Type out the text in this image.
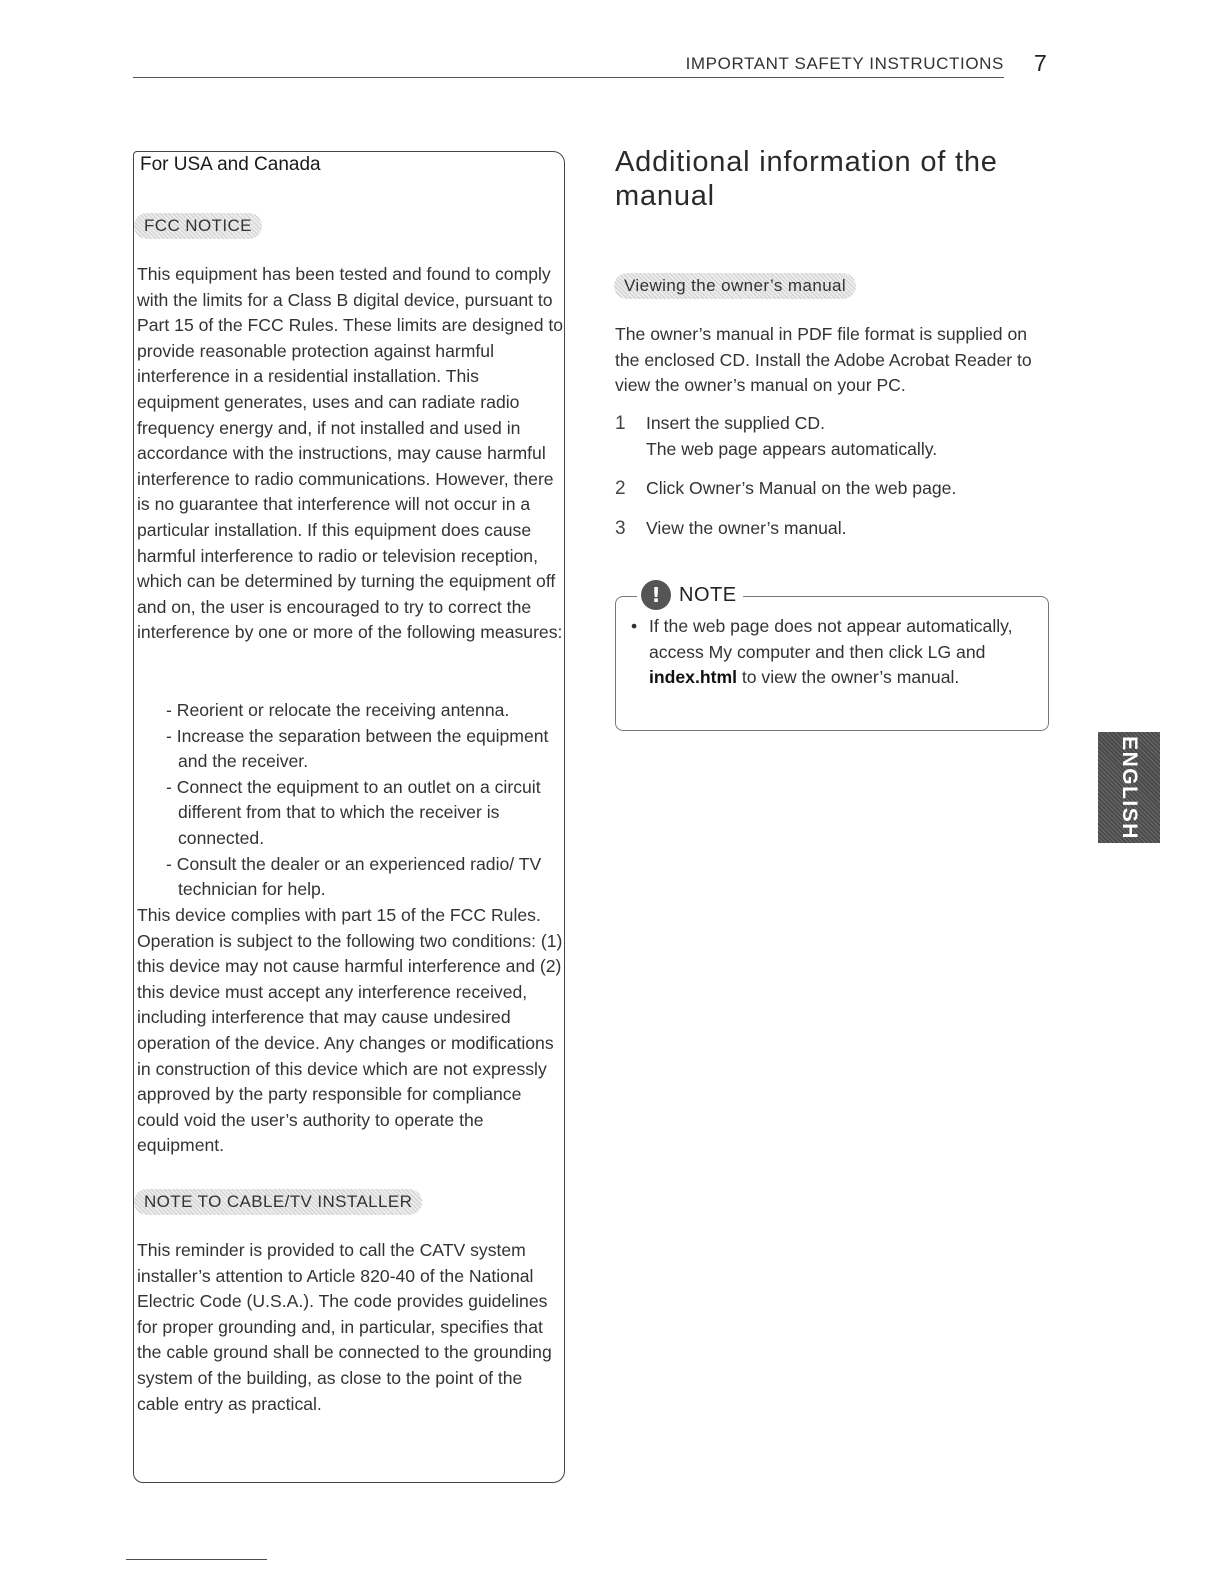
IMPORTANT SAFETY INSTRUCTIONS 7
For USA and Canada
FCC NOTICE

This equipment has been tested and found to comply with the limits for a Class B digital device, pursuant to Part 15 of the FCC Rules. These limits are designed to provide reasonable protection against harmful interference in a residential installation. This equipment generates, uses and can radiate radio frequency energy and, if not installed and used in accordance with the instructions, may cause harmful interference to radio communications. However, there is no guarantee that interference will not occur in a particular installation. If this equipment does cause harmful interference to radio or television reception, which can be determined by turning the equipment off and on, the user is encouraged to try to correct the interference by one or more of the following measures:

- Reorient or relocate the receiving antenna.
- Increase the separation between the equipment and the receiver.
- Connect the equipment to an outlet on a circuit different from that to which the receiver is connected.
- Consult the dealer or an experienced radio/ TV technician for help.

This device complies with part 15 of the FCC Rules. Operation is subject to the following two conditions: (1) this device may not cause harmful interference and (2) this device must accept any interference received, including interference that may cause undesired operation of the device. Any changes or modifications in construction of this device which are not expressly approved by the party responsible for compliance could void the user’s authority to operate the equipment.

NOTE TO CABLE/TV INSTALLER

This reminder is provided to call the CATV system installer’s attention to Article 820-40 of the National Electric Code (U.S.A.). The code provides guidelines for proper grounding and, in particular, specifies that the cable ground shall be connected to the grounding system of the building, as close to the point of the cable entry as practical.

Additional information of the manual
Viewing the owner’s manual

The owner’s manual in PDF file format is supplied on the enclosed CD. Install the Adobe Acrobat Reader to view the owner’s manual on your PC.

1 Insert the supplied CD.
The web page appears automatically.
2 Click Owner’s Manual on the web page.
3 View the owner’s manual.
! NOTE

• If the web page does not appear automatically, access My computer and then click LG and index.html to view the owner’s manual.

ENGLISH
